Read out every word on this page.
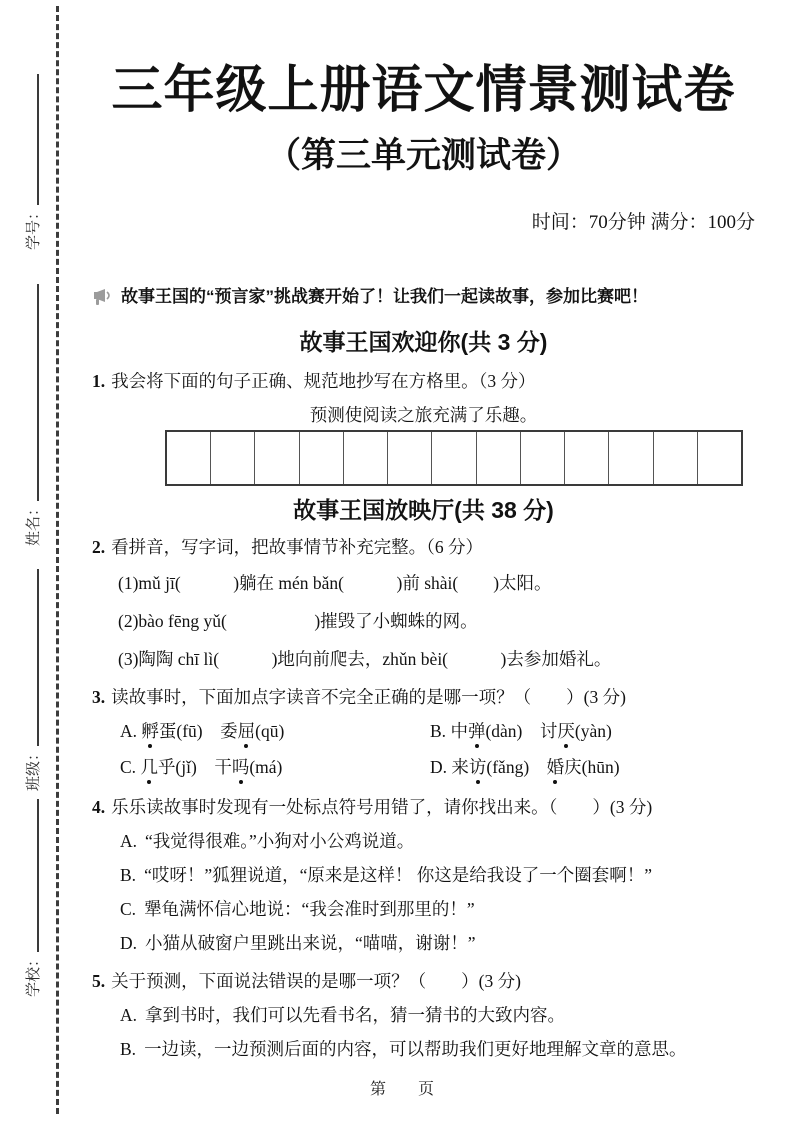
学号：
姓名：
班级：
学校：
三年级上册语文情景测试卷
（第三单元测试卷）
时间：70分钟 满分：100分
故事王国的“预言家”挑战赛开始了！让我们一起读故事，参加比赛吧！
故事王国欢迎你(共 3 分)
1. 我会将下面的句子正确、规范地抄写在方格里。（3 分）
预测使阅读之旅充满了乐趣。
故事王国放映厅(共 38 分)
2. 看拼音，写字词，把故事情节补充完整。（6 分）
(1)mǔ jī(　　　)躺在 mén bǎn(　　　)前 shài(　　)太阳。
(2)bào fēng yǔ(　　　　　)摧毁了小蜘蛛的网。
(3)陶陶 chī lì(　　　)地向前爬去，zhǔn bèi(　　　)去参加婚礼。
3. 读故事时，下面加点字读音不完全正确的是哪一项？（　　）(3 分)
A. 孵蛋(fū)　委屈(qū)	B. 中弹(dàn)　讨厌(yàn)
C. 几乎(jǐ)　干吗(má)	D. 来访(fǎng)　婚庆(hūn)
4. 乐乐读故事时发现有一处标点符号用错了，请你找出来。（　　）(3 分)
A. “我觉得很难。”小狗对小公鸡说道。
B. “哎呀！”狐狸说道，“原来是这样！ 你这是给我设了一个圈套啊！”
C. 犟龟满怀信心地说：“我会准时到那里的！”
D. 小猫从破窗户里跳出来说，“喵喵，谢谢！”
5. 关于预测，下面说法错误的是哪一项？（　　）(3 分)
A. 拿到书时，我们可以先看书名，猜一猜书的大致内容。
B. 一边读，一边预测后面的内容，可以帮助我们更好地理解文章的意思。
第　　页
